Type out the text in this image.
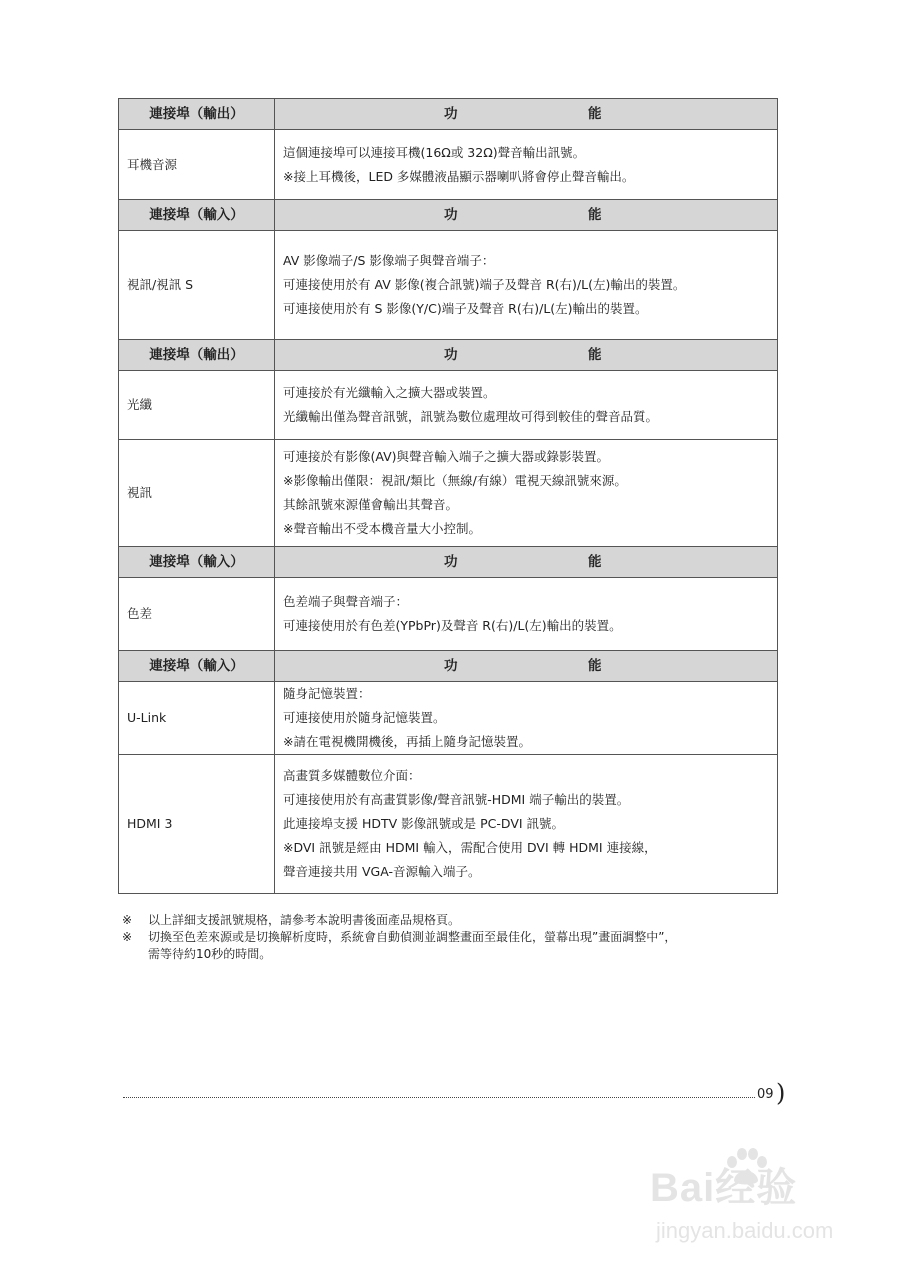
連接埠（輸出）	功 能

耳機音源	這個連接埠可以連接耳機(16Ω或 32Ω)聲音輸出訊號。
※接上耳機後，LED 多媒體液晶顯示器喇叭將會停止聲音輸出。

連接埠（輸入）	功 能

視訊/視訊 S	AV 影像端子/S 影像端子與聲音端子：
可連接使用於有 AV 影像(複合訊號)端子及聲音 R(右)/L(左)輸出的裝置。
可連接使用於有 S 影像(Y/C)端子及聲音 R(右)/L(左)輸出的裝置。

連接埠（輸出）	功 能

光纖	可連接於有光纖輸入之擴大器或裝置。
光纖輸出僅為聲音訊號，訊號為數位處理故可得到較佳的聲音品質。

視訊	可連接於有影像(AV)與聲音輸入端子之擴大器或錄影裝置。
※影像輸出僅限：視訊/類比（無線/有線）電視天線訊號來源。
其餘訊號來源僅會輸出其聲音。
※聲音輸出不受本機音量大小控制。

連接埠（輸入）	功 能

色差	色差端子與聲音端子：
可連接使用於有色差(YPbPr)及聲音 R(右)/L(左)輸出的裝置。

連接埠（輸入）	功 能

U-Link	隨身記憶裝置：
可連接使用於隨身記憶裝置。
※請在電視機開機後，再插上隨身記憶裝置。

HDMI 3	高畫質多媒體數位介面：
可連接使用於有高畫質影像/聲音訊號-HDMI 端子輸出的裝置。
此連接埠支援 HDTV 影像訊號或是 PC-DVI 訊號。
※DVI 訊號是經由 HDMI 輸入，需配合使用 DVI 轉 HDMI 連接線，
聲音連接共用 VGA-音源輸入端子。
※	以上詳細支援訊號規格，請參考本說明書後面產品規格頁。
※	切換至色差來源或是切換解析度時，系統會自動偵測並調整畫面至最佳化，螢幕出現”畫面調整中”，
需等待約10秒的時間。
09 )
Bai经验
jingyan.baidu.com
